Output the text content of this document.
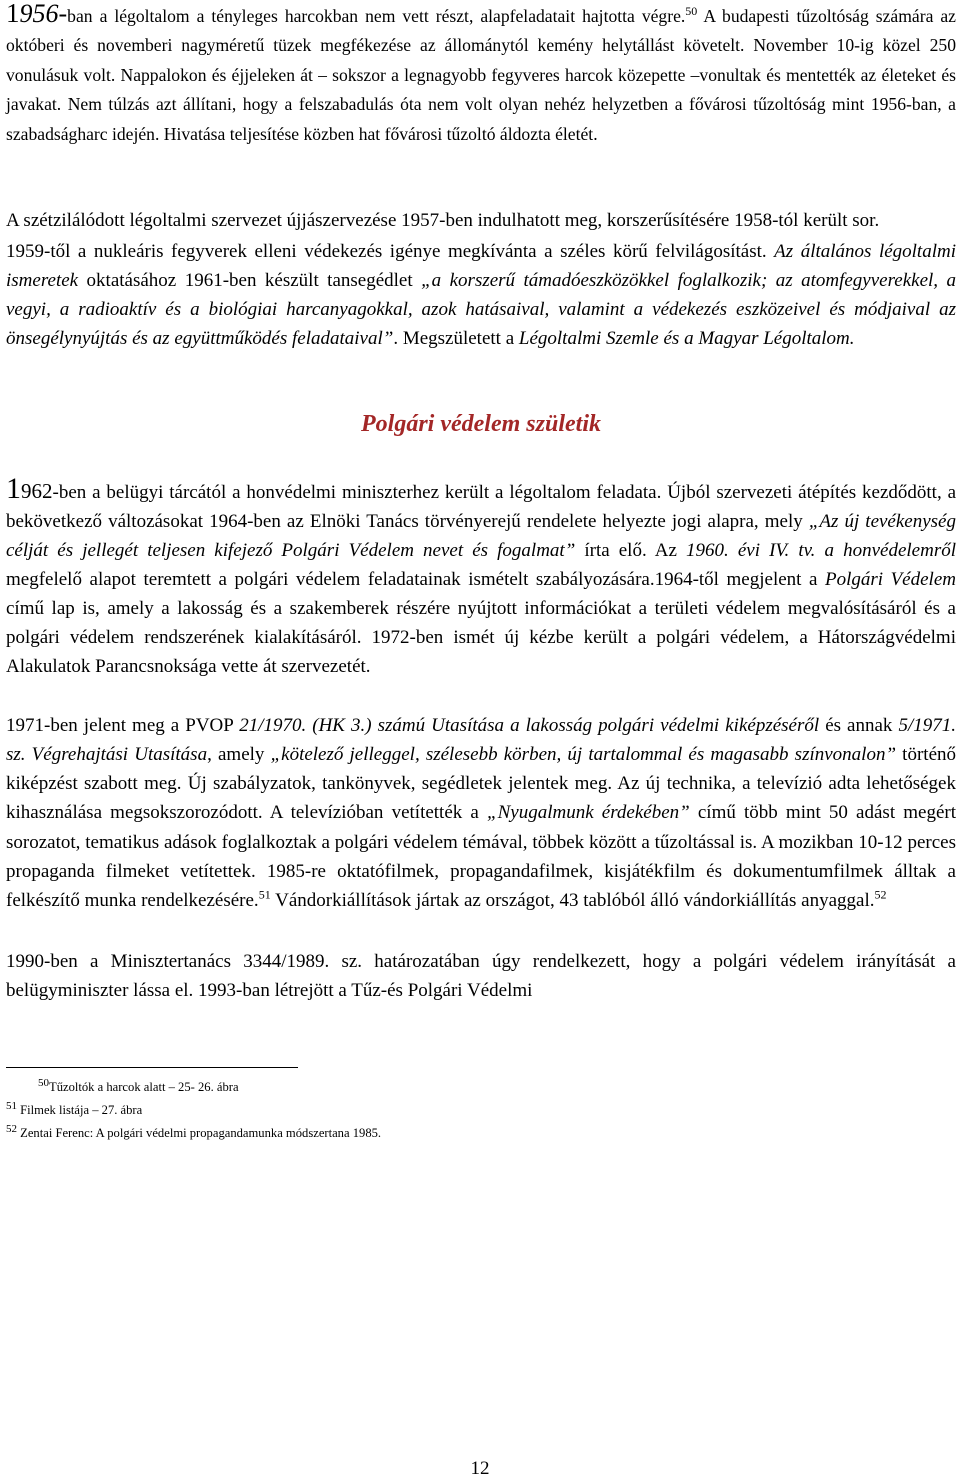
1956-ban a légoltalom a tényleges harcokban nem vett részt, alapfeladatait hajtotta végre.$^{50}$ A budapesti tűzoltóság számára az októberi és novemberi nagyméretű tüzek megfékezése az állománytól kemény helytállást követelt. November 10-ig közel 250 vonulásuk volt. Nappalokon és éjjeleken át – sokszor a legnagyobb fegyveres harcok közepette –vonultak és mentették az életeket és javakat. Nem túlzás azt állítani, hogy a felszabadulás óta nem volt olyan nehéz helyzetben a fővárosi tűzoltóság mint 1956-ban, a szabadságharc idején. Hivatása teljesítése közben hat fővárosi tűzoltó áldozta életét.

A szétzilálódott légoltalmi szervezet újjászervezése 1957-ben indulhatott meg, korszerűsítésére 1958-tól került sor.

1959-től a nukleáris fegyverek elleni védekezés igénye megkívánta a széles körű felvilágosítást. Az általános légoltalmi ismeretek oktatásához 1961-ben készült tansegédlet „a korszerű támadóeszközökkel foglalkozik; az atomfegyverekkel, a vegyi, a radioaktív és a biológiai harcanyagokkal, azok hatásaival, valamint a védekezés eszközeivel és módjaival az önsegélynyújtás és az együttműködés feladataival”. Megszületett a Légoltalmi Szemle és a Magyar Légoltalom.

Polgári védelem születik

1962-ben a belügyi tárcától a honvédelmi miniszterhez került a légoltalom feladata. Újból szervezeti átépítés kezdődött, a bekövetkező változásokat 1964-ben az Elnöki Tanács törvényerejű rendelete helyezte jogi alapra, mely „Az új tevékenység célját és jellegét teljesen kifejező Polgári Védelem nevet és fogalmat” írta elő. Az 1960. évi IV. tv. a honvédelemről megfelelő alapot teremtett a polgári védelem feladatainak ismételt szabályozására.1964-től megjelent a Polgári Védelem című lap is, amely a lakosság és a szakemberek részére nyújtott információkat a területi védelem megvalósításáról és a polgári védelem rendszerének kialakításáról. 1972-ben ismét új kézbe került a polgári védelem, a Hátországvédelmi Alakulatok Parancsnoksága vette át szervezetét.

1971-ben jelent meg a PVOP 21/1970. (HK 3.) számú Utasítása a lakosság polgári védelmi kiképzéséről és annak 5/1971. sz. Végrehajtási Utasítása, amely „kötelező jelleggel, szélesebb körben, új tartalommal és magasabb színvonalon” történő kiképzést szabott meg. Új szabályzatok, tankönyvek, segédletek jelentek meg. Az új technika, a televízió adta lehetőségek kihasználása megsokszorozódott. A televízióban vetítették a „Nyugalmunk érdekében” című több mint 50 adást megért sorozatot, tematikus adások foglalkoztak a polgári védelem témával, többek között a tűzoltással is. A mozikban 10-12 perces propaganda filmeket vetítettek. 1985-re oktatófilmek, propagandafilmek, kisjátékfilm és dokumentumfilmek álltak a felkészítő munka rendelkezésére.$^{51}$ Vándorkiállítások jártak az országot, 43 tablóból álló vándorkiállítás anyaggal.$^{52}$

1990-ben a Minisztertanács 3344/1989. sz. határozatában úgy rendelkezett, hogy a polgári védelem irányítását a belügyminiszter lássa el. 1993-ban létrejött a Tűz-és Polgári Védelmi

$^{50}$Tűzoltók a harcok alatt – 25- 26. ábra

$^{51}$ Filmek listája – 27. ábra

$^{52}$ Zentai Ferenc: A polgári védelmi propagandamunka módszertana 1985.

12
